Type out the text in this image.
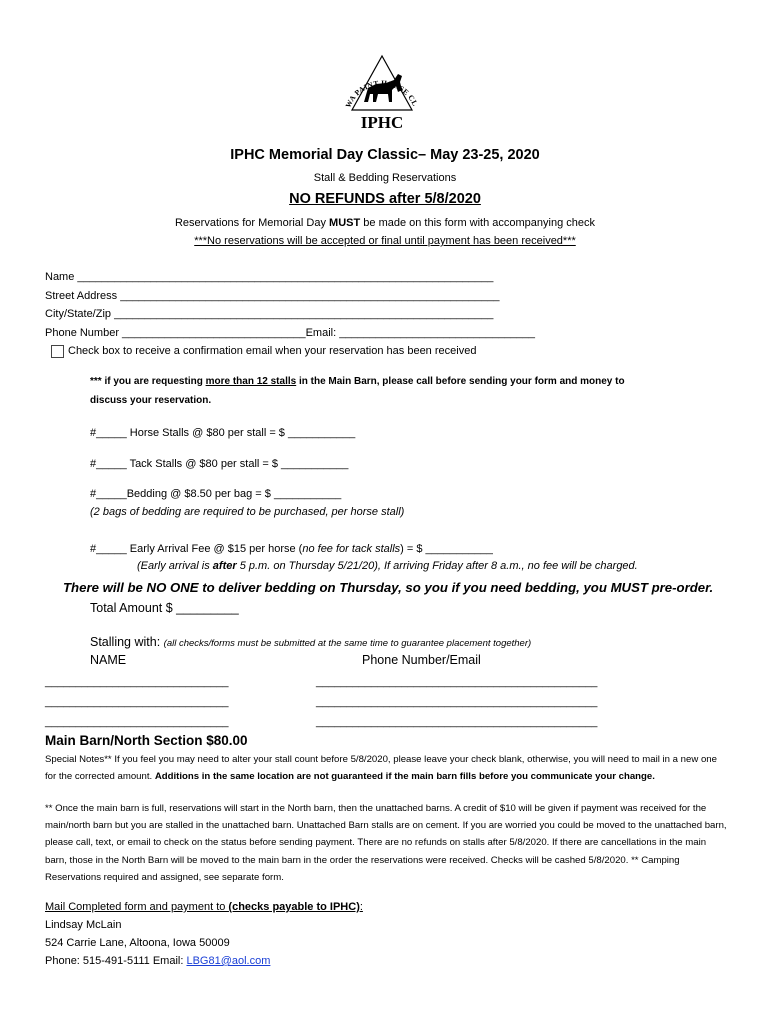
WA PAINT HORSE CL
IPHC
IPHC Memorial Day Classic– May 23-25, 2020
Stall & Bedding Reservations
NO REFUNDS after 5/8/2020
Reservations for Memorial Day MUST be made on this form with accompanying check
***No reservations will be accepted or final until payment has been received***
Name ____________________________________________________________________
Street Address ______________________________________________________________
City/State/Zip ______________________________________________________________
Phone Number ______________________________Email: ________________________________
Check box to receive a confirmation email when your reservation has been received
*** if you are requesting more than 12 stalls in the Main Barn, please call before sending your form and money to
discuss your reservation.
#_____ Horse Stalls @ $80 per stall = $ ___________
#_____ Tack Stalls @ $80 per stall = $ ___________
#_____Bedding @ $8.50 per bag = $ ___________
(2 bags of bedding are required to be purchased, per horse stall)
#_____ Early Arrival Fee @ $15 per horse (no fee for tack stalls) = $ ___________
(Early arrival is after 5 p.m. on Thursday 5/21/20), If arriving Friday after 8 a.m., no fee will be charged.
There will be NO ONE to deliver bedding on Thursday, so you if you need bedding, you MUST pre-order.
Total Amount $ _________
Stalling with: (all checks/forms must be submitted at the same time to guarantee placement together)
NAME	Phone Number/Email
______________________________	______________________________________________
______________________________	______________________________________________
______________________________	______________________________________________
Main Barn/North Section $80.00
Special Notes** If you feel you may need to alter your stall count before 5/8/2020, please leave your check blank, otherwise, you will need to mail in a new one for the corrected amount. Additions in the same location are not guaranteed if the main barn fills before you communicate your change.
** Once the main barn is full, reservations will start in the North barn, then the unattached barns. A credit of $10 will be given if payment was received for the main/north barn but you are stalled in the unattached barn. Unattached Barn stalls are on cement. If you are worried you could be moved to the unattached barn, please call, text, or email to check on the status before sending payment. There are no refunds on stalls after 5/8/2020. If there are cancellations in the main barn, those in the North Barn will be moved to the main barn in the order the reservations were received. Checks will be cashed 5/8/2020. ** Camping Reservations required and assigned, see separate form.
Mail Completed form and payment to (checks payable to IPHC):
Lindsay McLain
524 Carrie Lane, Altoona, Iowa 50009
Phone: 515-491-5111 Email: LBG81@aol.com
